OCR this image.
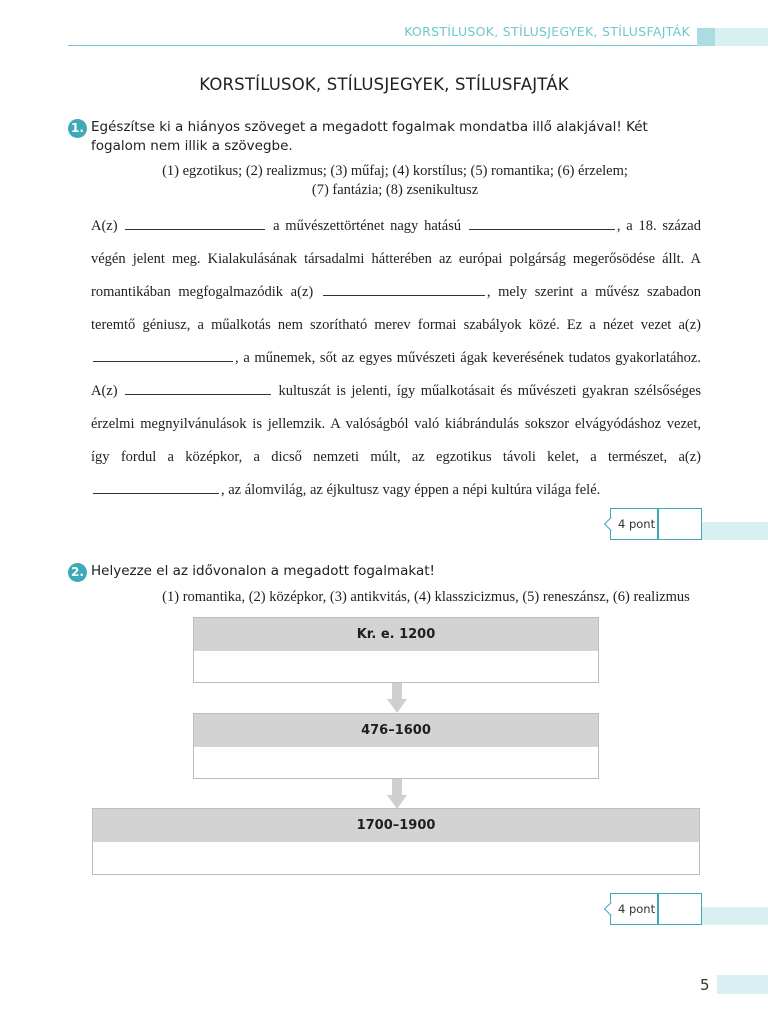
KORSTÍLUSOK, STÍLUSJEGYEK, STÍLUSFAJTÁK
KORSTÍLUSOK, STÍLUSJEGYEK, STÍLUSFAJTÁK
1. Egészítse ki a hiányos szöveget a megadott fogalmak mondatba illő alakjával! Két fogalom nem illik a szövegbe.
(1) egzotikus; (2) realizmus; (3) műfaj; (4) korstílus; (5) romantika; (6) érzelem;
(7) fantázia; (8) zsenikultusz
A(z)	a művészettörténet nagy hatású	, a 18. század végén jelent meg. Kialakulásának társadalmi hátterében az európai polgárság megerősödése állt. A romantikában megfogalmazódik a(z)	, mely szerint a művész szabadon teremtő géniusz, a műalkotás nem szorítható merev formai szabályok közé. Ez a nézet vezet a(z) , a műnemek, sőt az egyes művészeti ágak keverésének tudatos gyakorlatához. A(z)	kultuszát is jelenti, így műalkotásait és művészeti gyakran szélsőséges érzelmi megnyilvánulások is jellemzik. A valóságból való kiábrándulás sokszor elvágyódáshoz vezet, így fordul a középkor, a dicső nemzeti múlt, az egzotikus távoli kelet, a természet, a(z) , az álomvilág, az éjkultusz vagy éppen a népi kultúra világa felé.
4 pont
2. Helyezze el az idővonalon a megadott fogalmakat!
(1) romantika, (2) középkor, (3) antikvitás, (4) klasszicizmus, (5) reneszánsz, (6) realizmus
Kr. e. 1200
476–1600
1700–1900
4 pont
5
